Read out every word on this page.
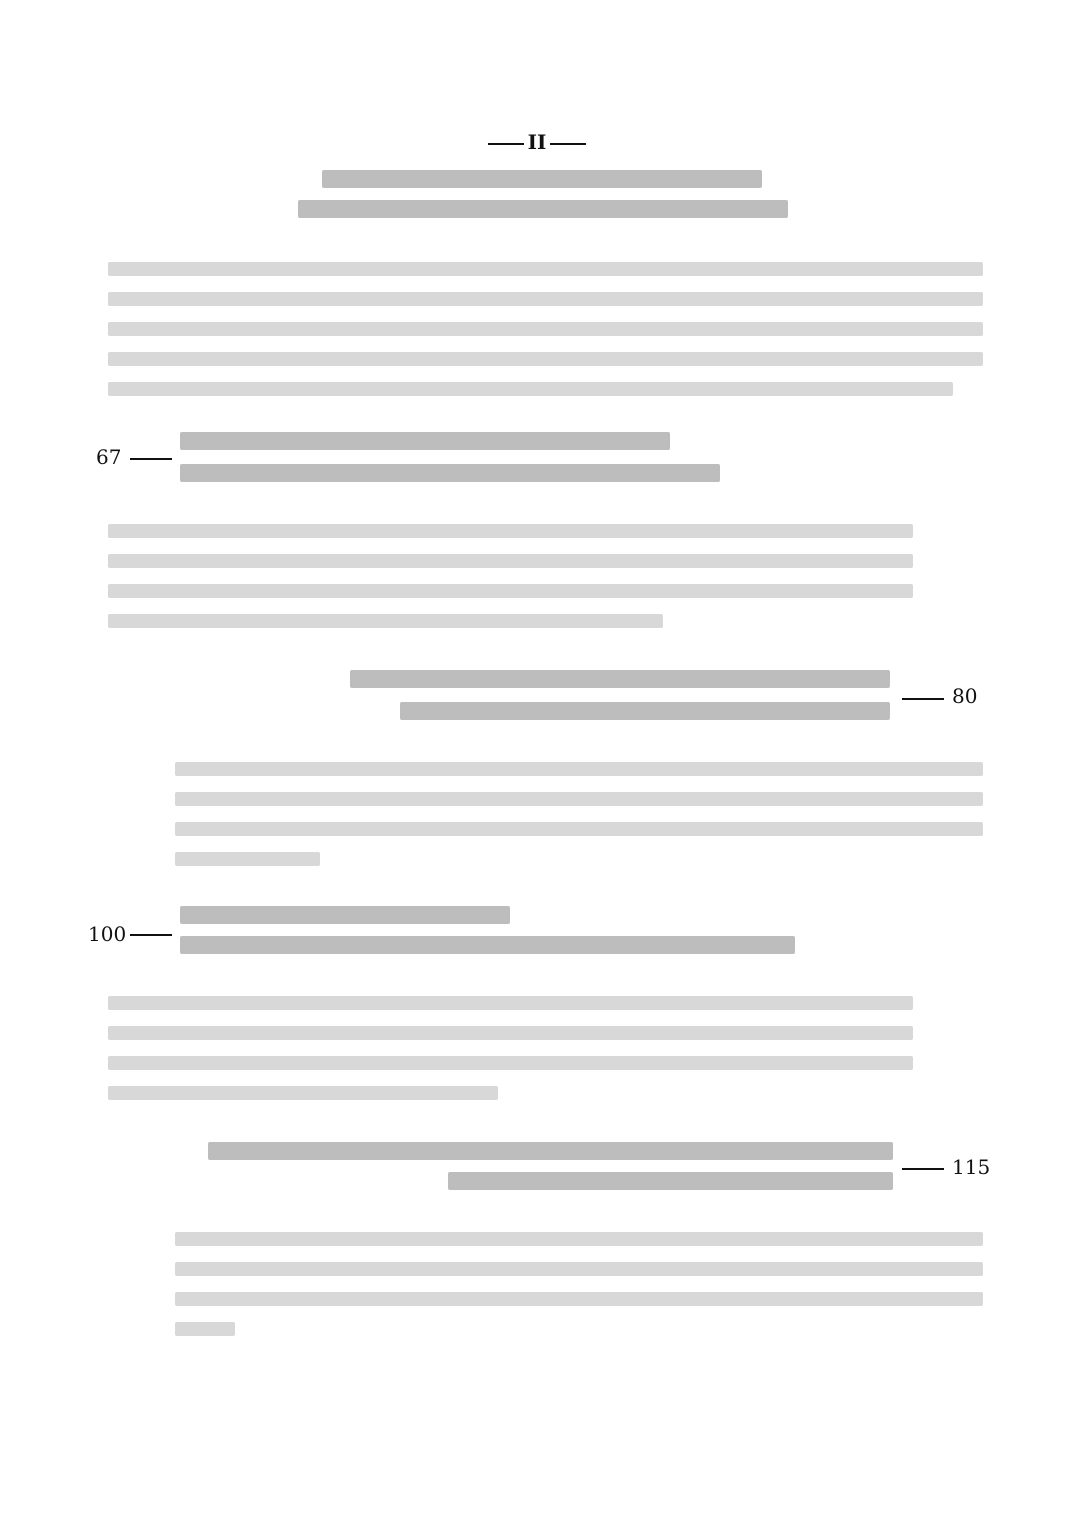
II
67
80
100
115
